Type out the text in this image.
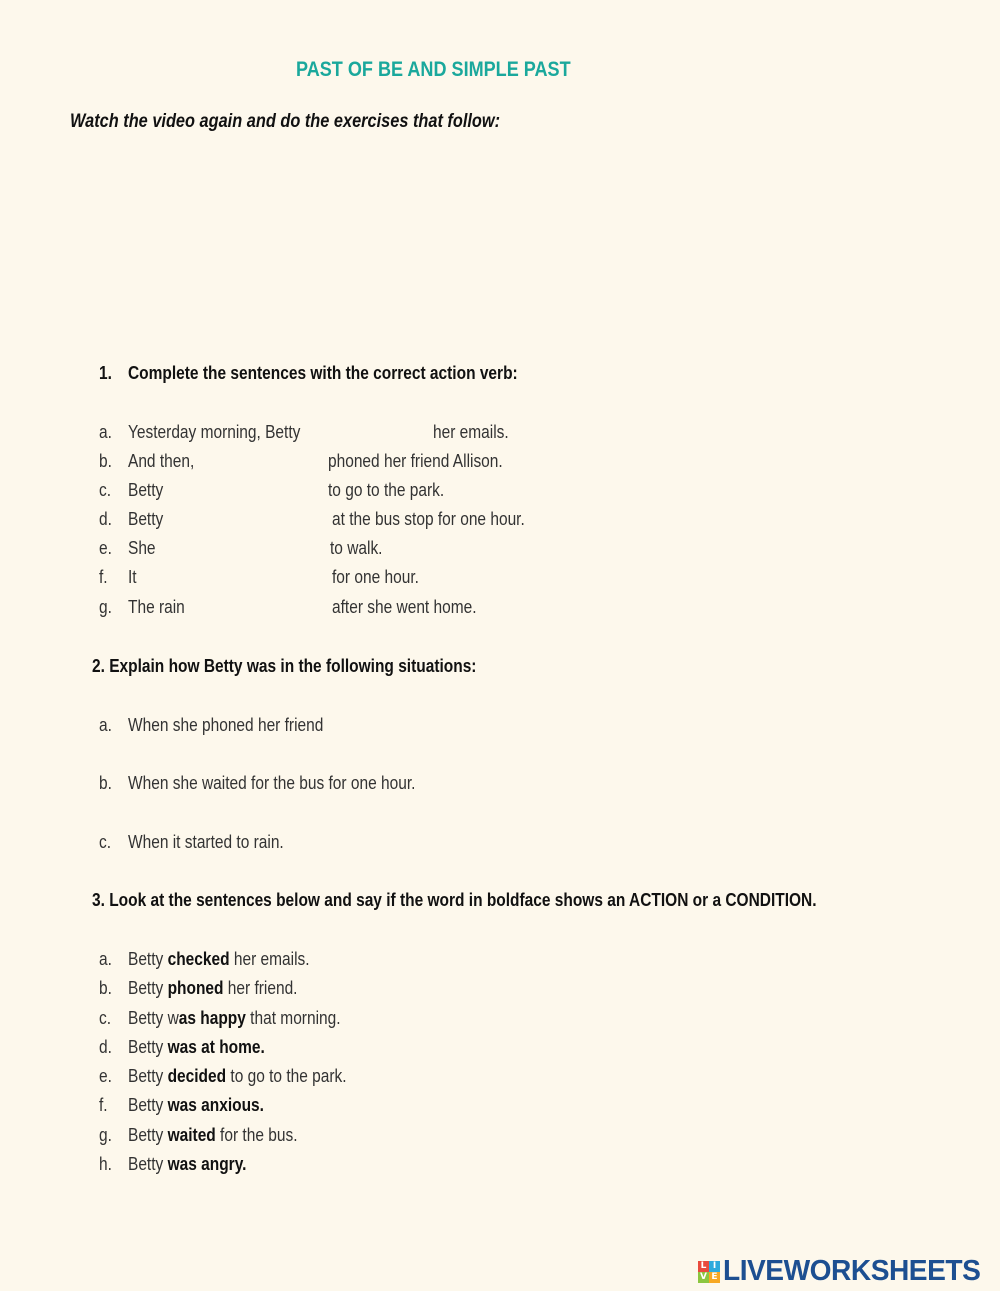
PAST OF BE AND SIMPLE PAST
Watch the video again and do the exercises that follow:
1. Complete the sentences with the correct action verb:
a. Yesterday morning, Betty	her emails.
b. And then,	phoned her friend Allison.
c. Betty	to go to the park.
d. Betty	at the bus stop for one hour.
e. She	to walk.
f. It	for one hour.
g. The rain	after she went home.
2. Explain how Betty was in the following situations:
a. When she phoned her friend
b. When she waited for the bus for one hour.
c. When it started to rain.
3. Look at the sentences below and say if the word in boldface shows an ACTION or a CONDITION.
a. Betty checked her emails.
b. Betty phoned her friend.
c. Betty was happy that morning.
d. Betty was at home.
e. Betty decided to go to the park.
f. Betty was anxious.
g. Betty waited for the bus.
h. Betty was angry.
L I
V E LIVEWORKSHEETS
